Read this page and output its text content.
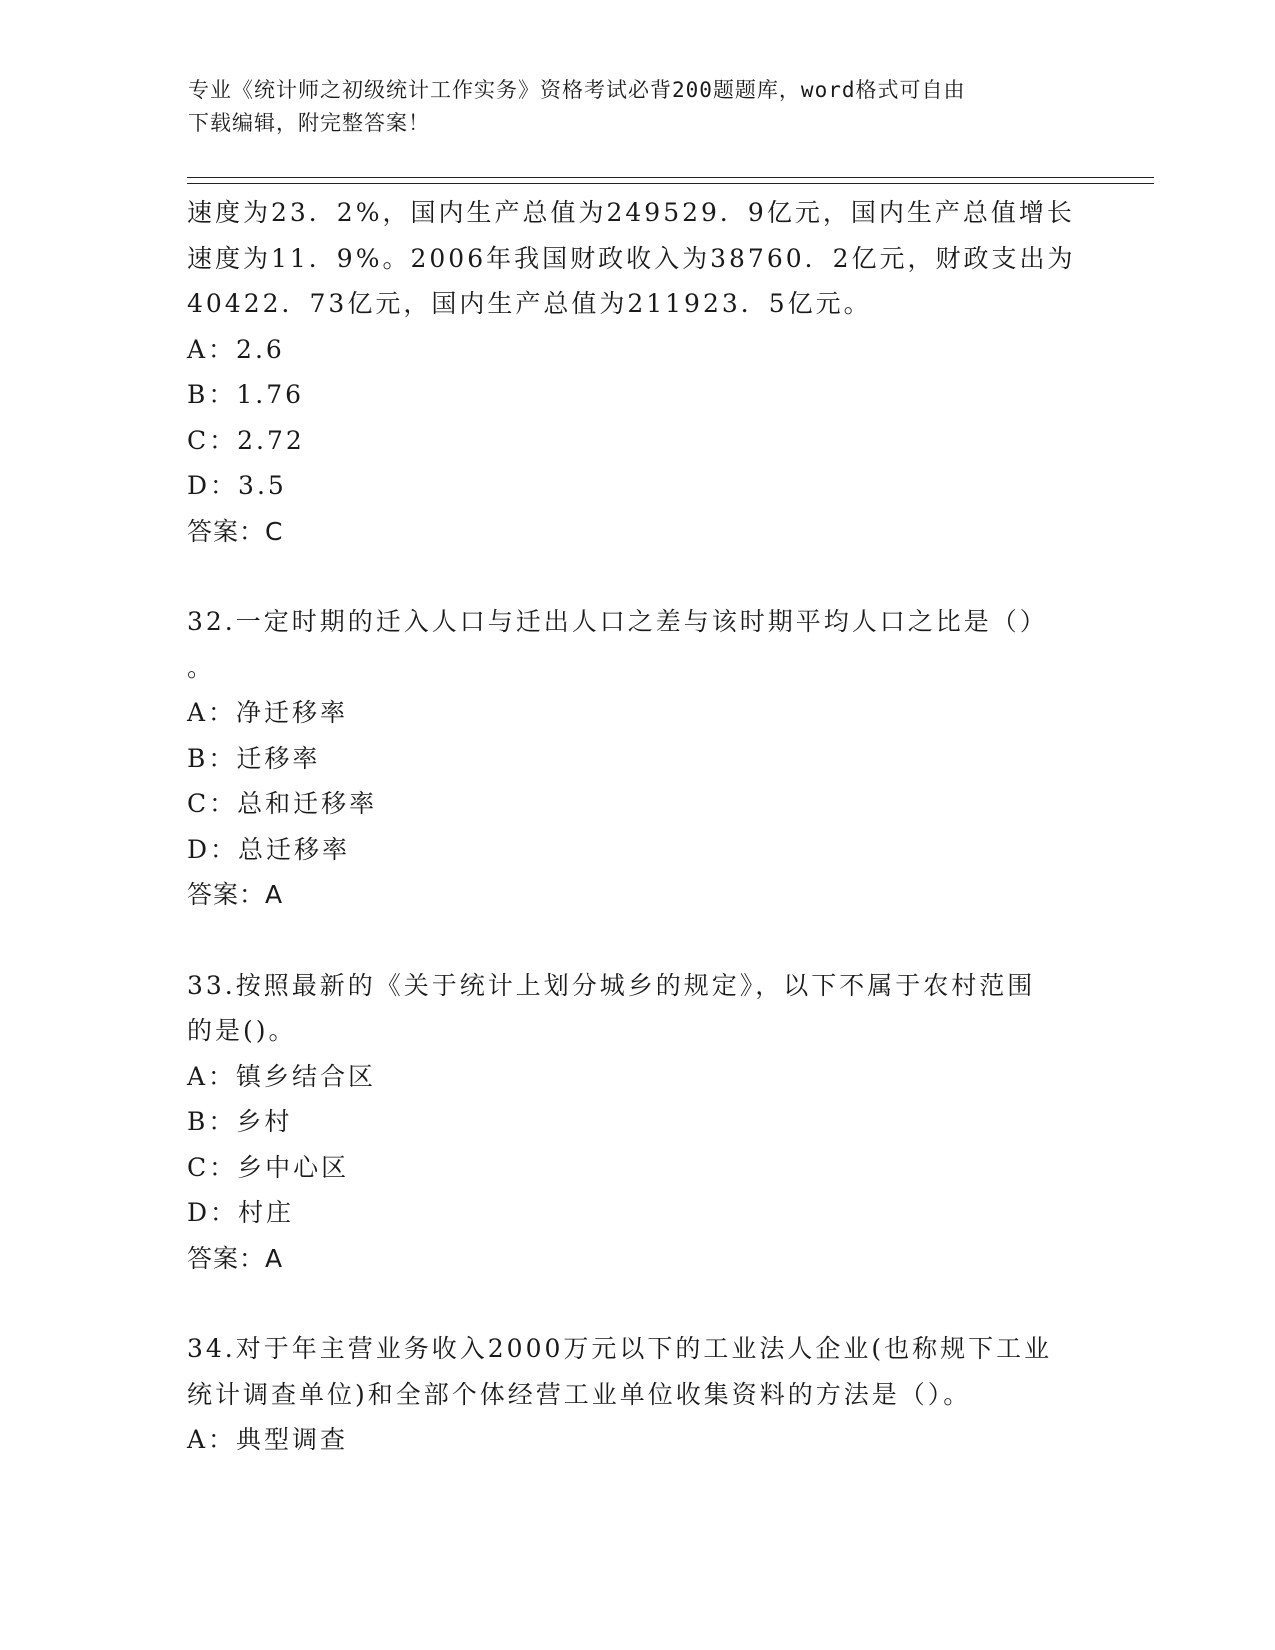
专业《统计师之初级统计工作实务》资格考试必背200题题库，word格式可自由
下载编辑，附完整答案！
速度为23．2%，国内生产总值为249529．9亿元，国内生产总值增长
速度为11．9%。2006年我国财政收入为38760．2亿元，财政支出为
40422．73亿元，国内生产总值为211923．5亿元。
A：2.6
B：1.76
C：2.72
D：3.5
答案：C
32.一定时期的迁入人口与迁出人口之差与该时期平均人口之比是（）
。
A：净迁移率
B：迁移率
C：总和迁移率
D：总迁移率
答案：A
33.按照最新的《关于统计上划分城乡的规定》，以下不属于农村范围
的是()。
A：镇乡结合区
B：乡村
C：乡中心区
D：村庄
答案：A
34.对于年主营业务收入2000万元以下的工业法人企业(也称规下工业
统计调查单位)和全部个体经营工业单位收集资料的方法是（）。
A：典型调查
